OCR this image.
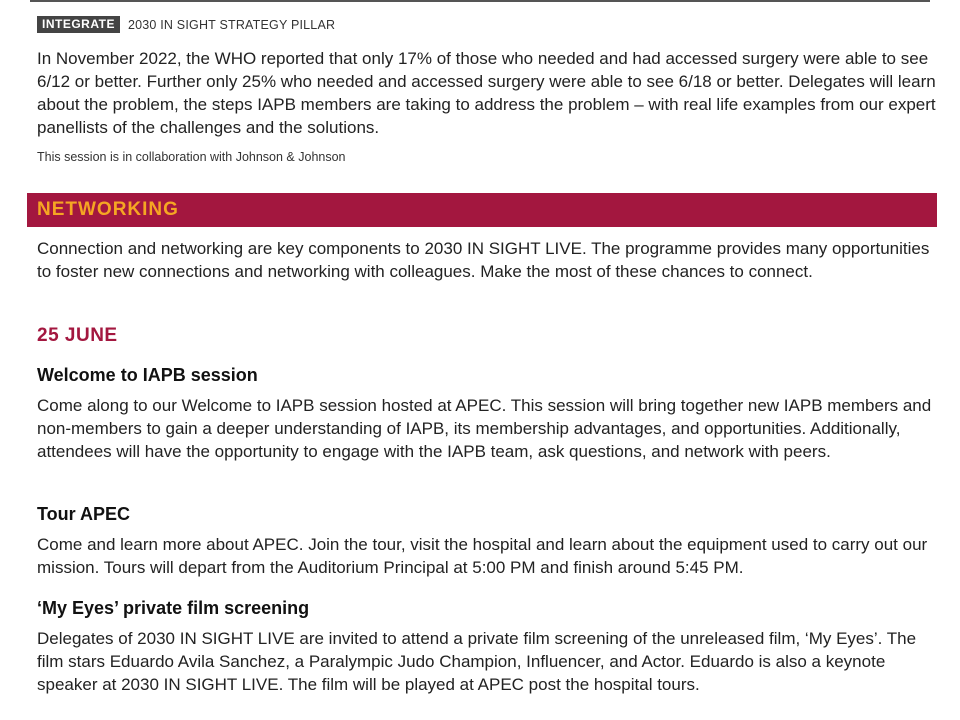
INTEGRATE	2030 IN SIGHT STRATEGY PILLAR

In November 2022, the WHO reported that only 17% of those who needed and had accessed surgery were able to see 6/12 or better. Further only 25% who needed and accessed surgery were able to see 6/18 or better. Delegates will learn about the problem, the steps IAPB members are taking to address the problem – with real life examples from our expert panellists of the challenges and the solutions.

This session is in collaboration with Johnson & Johnson
NETWORKING

Connection and networking are key components to 2030 IN SIGHT LIVE. The programme provides many opportunities to foster new connections and networking with colleagues. Make the most of these chances to connect.

25 JUNE
Welcome to IAPB session

Come along to our Welcome to IAPB session hosted at APEC. This session will bring together new IAPB members and non-members to gain a deeper understanding of IAPB, its membership advantages, and opportunities. Additionally, attendees will have the opportunity to engage with the IAPB team, ask questions, and network with peers.

Tour APEC

Come and learn more about APEC. Join the tour, visit the hospital and learn about the equipment used to carry out our mission. Tours will depart from the Auditorium Principal at 5:00 PM and finish around 5:45 PM.

‘My Eyes’ private film screening

Delegates of 2030 IN SIGHT LIVE are invited to attend a private film screening of the unreleased film, ‘My Eyes’. The film stars Eduardo Avila Sanchez, a Paralympic Judo Champion, Influencer, and Actor. Eduardo is also a keynote speaker at 2030 IN SIGHT LIVE. The film will be played at APEC post the hospital tours.
